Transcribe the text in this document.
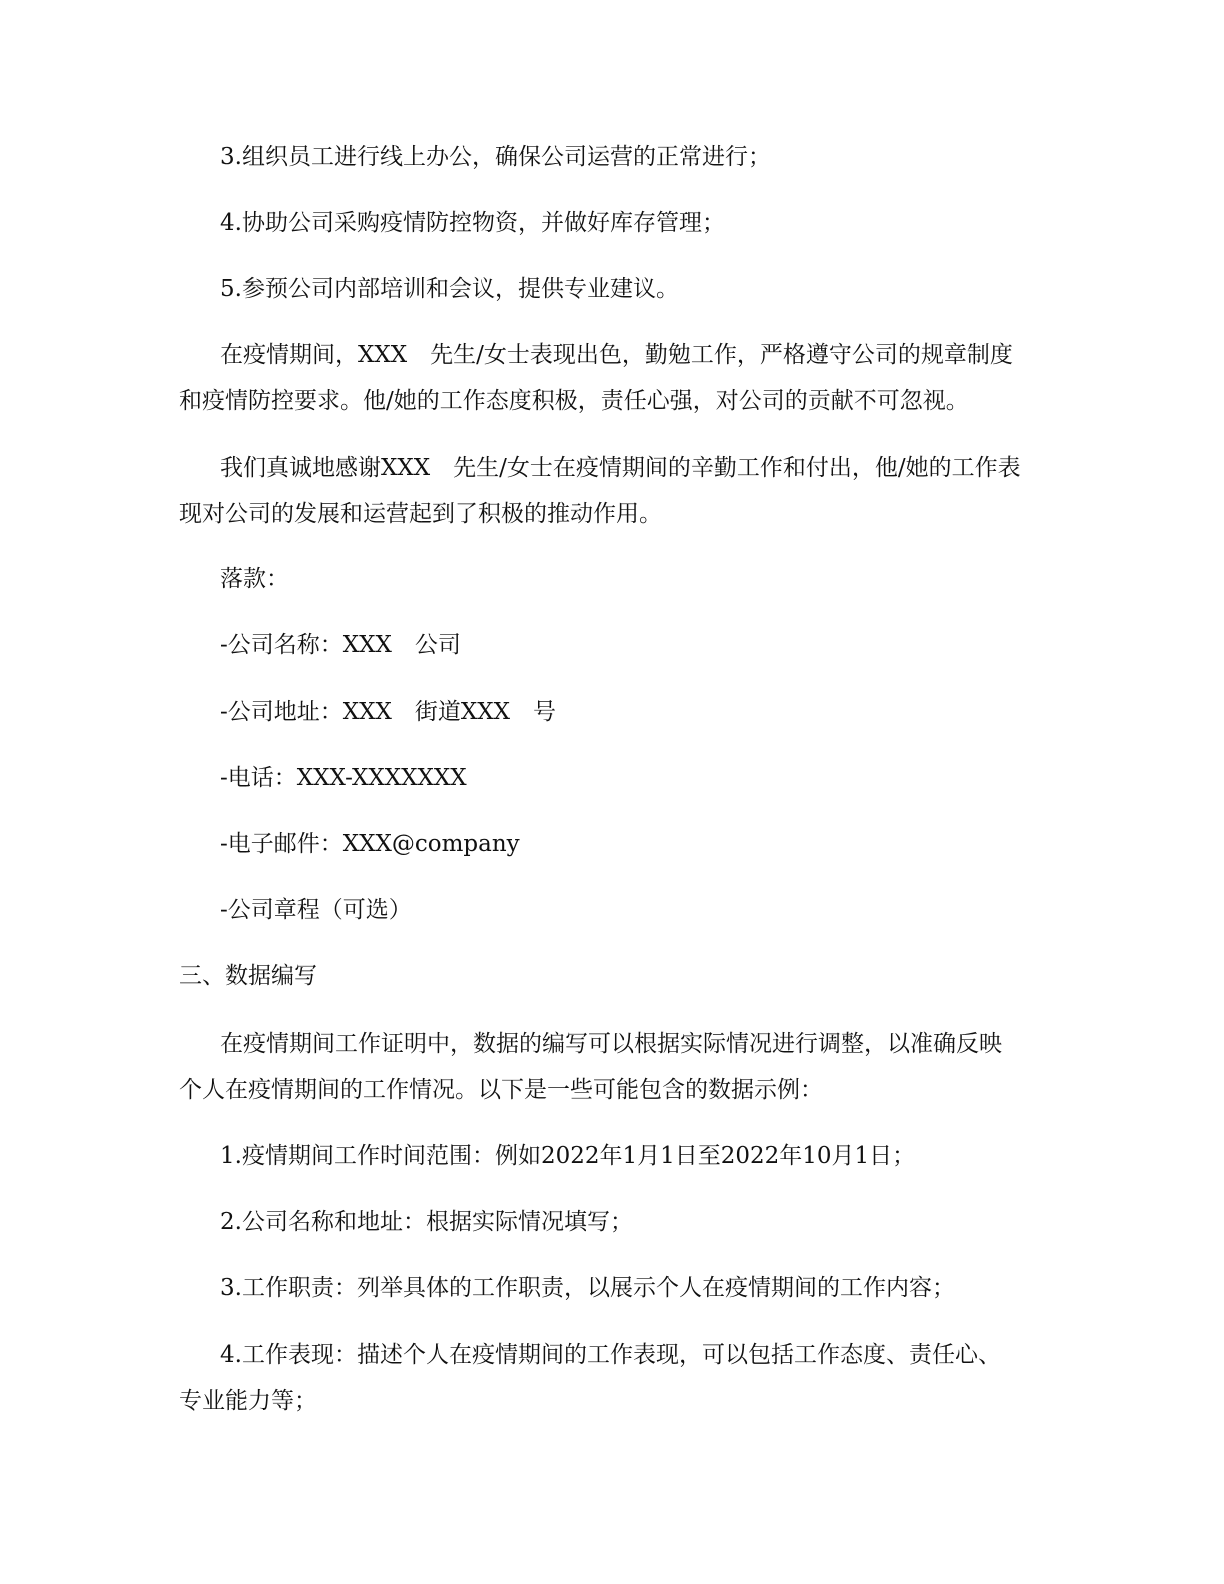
3.组织员工进行线上办公，确保公司运营的正常进行；
4.协助公司采购疫情防控物资，并做好库存管理；
5.参预公司内部培训和会议，提供专业建议。
在疫情期间，XXX　先生/女士表现出色，勤勉工作，严格遵守公司的规章制度
和疫情防控要求。他/她的工作态度积极，责任心强，对公司的贡献不可忽视。
我们真诚地感谢XXX　先生/女士在疫情期间的辛勤工作和付出，他/她的工作表
现对公司的发展和运营起到了积极的推动作用。
落款：
-公司名称：XXX　公司
-公司地址：XXX　街道XXX　号
-电话：XXX-XXXXXXX
-电子邮件：XXX@company
-公司章程（可选）
三、数据编写
在疫情期间工作证明中，数据的编写可以根据实际情况进行调整，以准确反映
个人在疫情期间的工作情况。以下是一些可能包含的数据示例：
1.疫情期间工作时间范围：例如2022年1月1日至2022年10月1日；
2.公司名称和地址：根据实际情况填写；
3.工作职责：列举具体的工作职责，以展示个人在疫情期间的工作内容；
4.工作表现：描述个人在疫情期间的工作表现，可以包括工作态度、责任心、
专业能力等；
